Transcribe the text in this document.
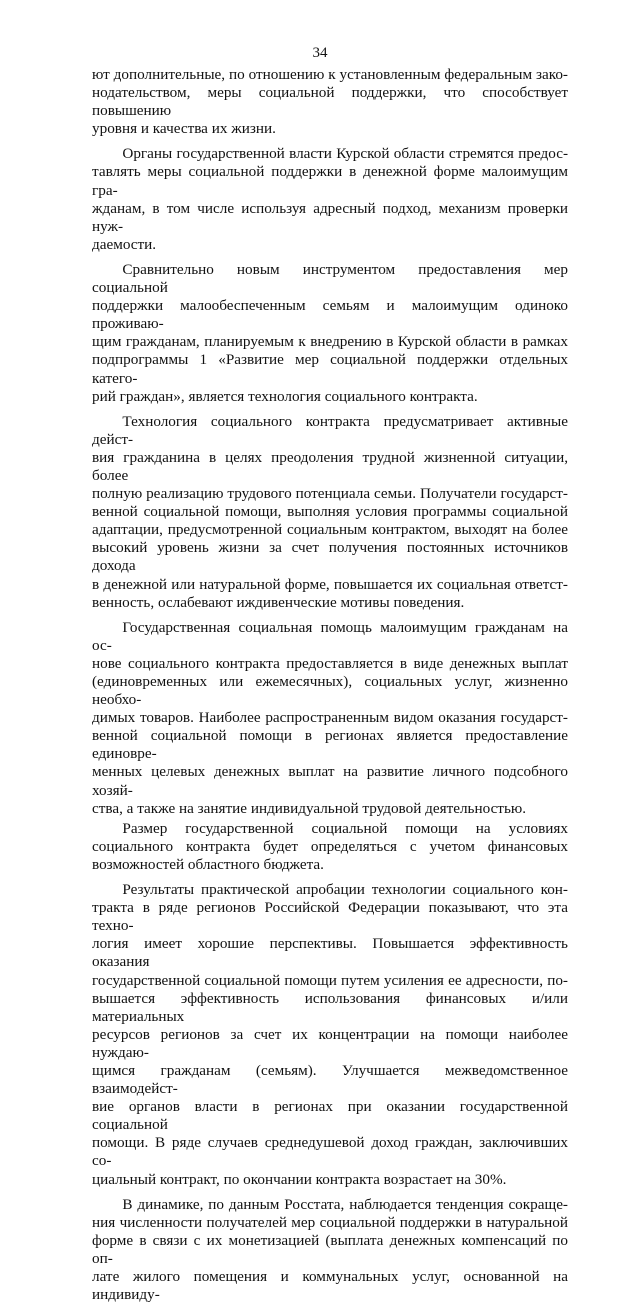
34

ют дополнительные, по отношению к установленным федеральным зако-
нодательством, меры социальной поддержки, что способствует повышению
уровня и качества их жизни.

  Органы государственной власти Курской области стремятся предос-
тавлять меры социальной поддержки в денежной форме малоимущим гра-
жданам, в том числе используя адресный подход, механизм проверки нуж-
даемости.

  Сравнительно новым инструментом предоставления мер социальной
поддержки малообеспеченным семьям и малоимущим одиноко проживаю-
щим гражданам, планируемым к внедрению в Курской области в рамках
подпрограммы 1 «Развитие мер социальной поддержки отдельных катего-
рий граждан», является технология социального контракта.

  Технология социального контракта предусматривает активные дейст-
вия гражданина в целях преодоления трудной жизненной ситуации, более
полную реализацию трудового потенциала семьи. Получатели государст-
венной социальной помощи, выполняя условия программы социальной
адаптации, предусмотренной социальным контрактом, выходят на более
высокий уровень жизни за счет получения постоянных источников дохода
в денежной или натуральной форме, повышается их социальная ответст-
венность, ослабевают иждивенческие мотивы поведения.

  Государственная социальная помощь малоимущим гражданам на ос-
нове социального контракта предоставляется в виде денежных выплат
(единовременных или ежемесячных), социальных услуг, жизненно необхо-
димых товаров. Наиболее распространенным видом оказания государст-
венной социальной помощи в регионах является предоставление единовре-
менных целевых денежных выплат на развитие личного подсобного хозяй-
ства, а также на занятие индивидуальной трудовой деятельностью.

  Размер государственной социальной помощи на условиях
социального контракта будет определяться с учетом финансовых
возможностей областного бюджета.

  Результаты практической апробации технологии социального кон-
тракта в ряде регионов Российской Федерации показывают, что эта техно-
логия имеет хорошие перспективы. Повышается эффективность оказания
государственной социальной помощи путем усиления ее адресности, по-
вышается эффективность использования финансовых и/или материальных
ресурсов регионов за счет их концентрации на помощи наиболее нуждаю-
щимся гражданам (семьям). Улучшается межведомственное взаимодейст-
вие органов власти в регионах при оказании государственной социальной
помощи. В ряде случаев среднедушевой доход граждан, заключивших со-
циальный контракт, по окончании контракта возрастает на 30%.

  В динамике, по данным Росстата, наблюдается тенденция сокраще-
ния численности получателей мер социальной поддержки в натуральной
форме в связи с их монетизацией (выплата денежных компенсаций по оп-
лате жилого помещения и коммунальных услуг, основанной на индивиду-
